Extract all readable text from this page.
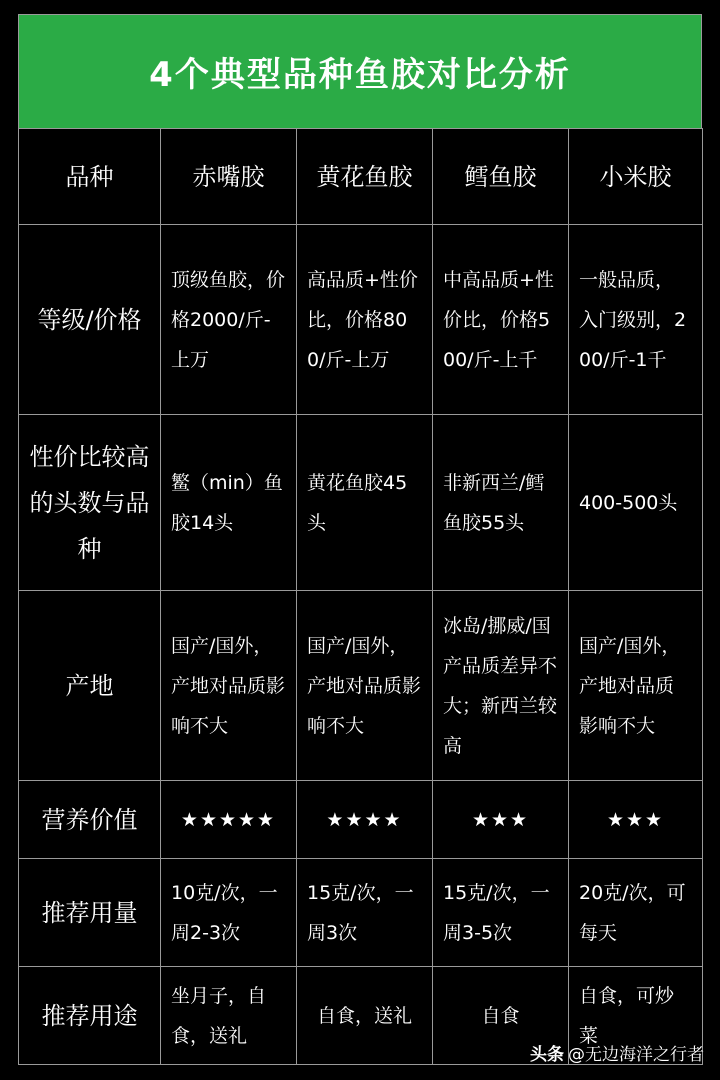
4个典型品种鱼胶对比分析
品种	赤嘴胶	黄花鱼胶	鳕鱼胶	小米胶
等级/价格	顶级鱼胶，价格2000/斤-上万	高品质+性价比，价格800/斤-上万	中高品质+性价比，价格500/斤-上千	一般品质，入门级别，200/斤-1千
性价比较高的头数与品种	鳘（min）鱼胶14头	黄花鱼胶45头	非新西兰/鳕鱼胶55头	400-500头
产地	国产/国外，产地对品质影响不大	国产/国外，产地对品质影响不大	冰岛/挪威/国产品质差异不大；新西兰较高	国产/国外，产地对品质影响不大
营养价值	★★★★★	★★★★	★★★	★★★
推荐用量	10克/次，一周2-3次	15克/次，一周3次	15克/次，一周3-5次	20克/次，可每天
推荐用途	坐月子，自食，送礼	自食，送礼	自食	自食，可炒菜
头条 @无边海洋之行者
